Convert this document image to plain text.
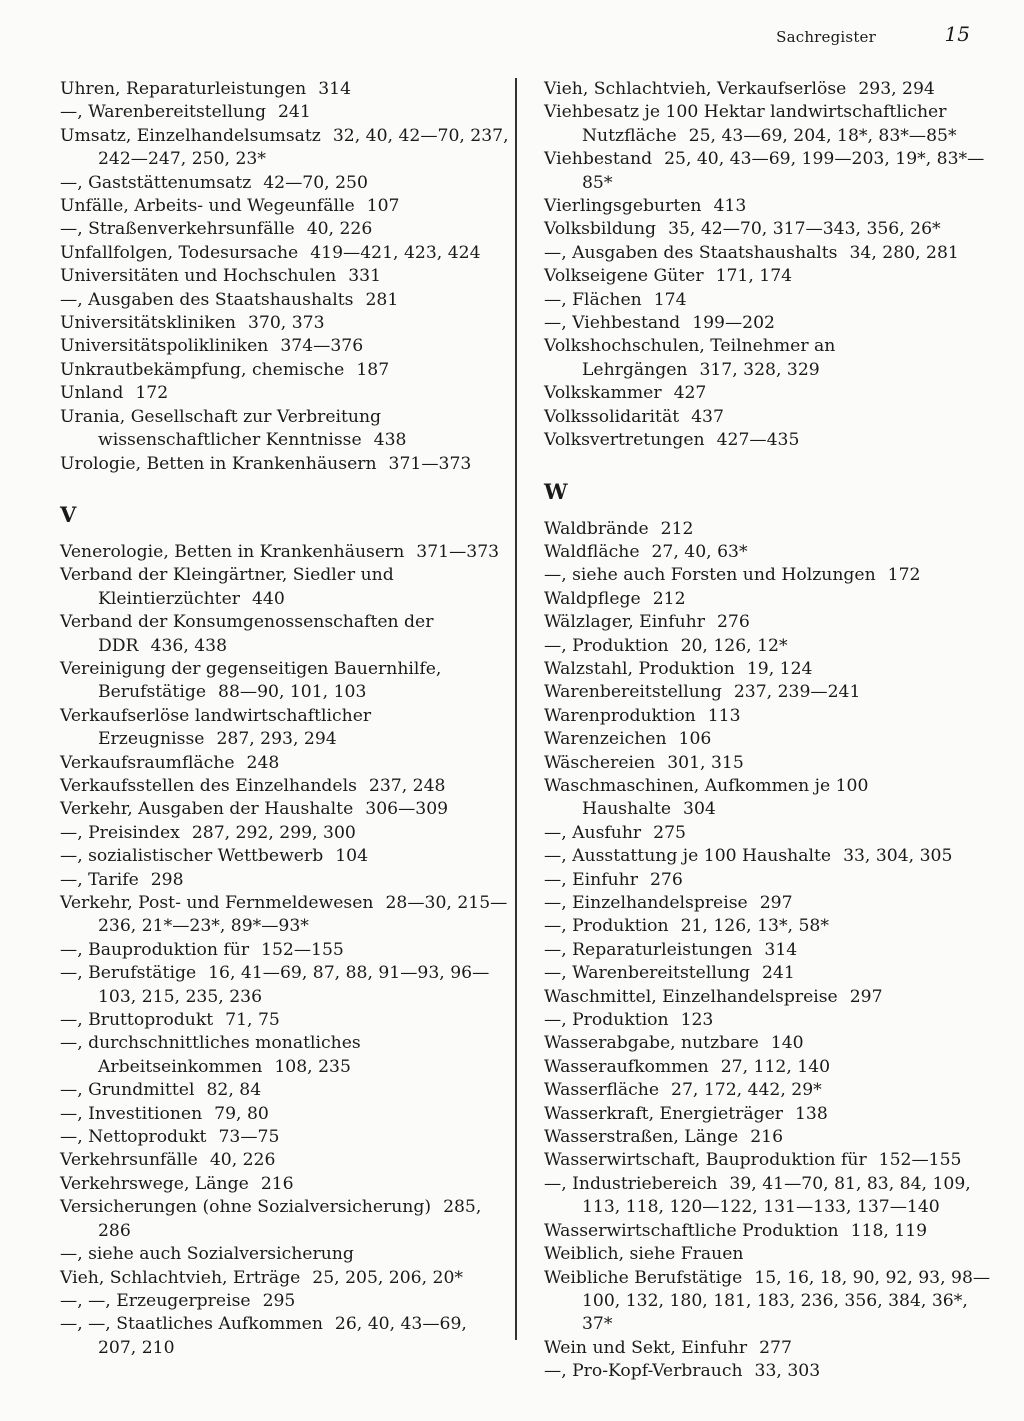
Sachregister	15
Uhren, Reparaturleistungen 314
—, Warenbereitstellung 241
Umsatz, Einzelhandelsumsatz 32, 40, 42—70, 237, 242—247, 250, 23*
—, Gaststättenumsatz 42—70, 250
Unfälle, Arbeits- und Wegeunfälle 107
—, Straßenverkehrsunfälle 40, 226
Unfallfolgen, Todesursache 419—421, 423, 424
Universitäten und Hochschulen 331
—, Ausgaben des Staatshaushalts 281
Universitätskliniken 370, 373
Universitätspolikliniken 374—376
Unkrautbekämpfung, chemische 187
Unland 172
Urania, Gesellschaft zur Verbreitung wissenschaftlicher Kenntnisse 438
Urologie, Betten in Krankenhäusern 371—373
V
Venerologie, Betten in Krankenhäusern 371—373
Verband der Kleingärtner, Siedler und Kleintierzüchter 440
Verband der Konsumgenossenschaften der DDR 436, 438
Vereinigung der gegenseitigen Bauernhilfe, Berufstätige 88—90, 101, 103
Verkaufserlöse landwirtschaftlicher Erzeugnisse 287, 293, 294
Verkaufsraumfläche 248
Verkaufsstellen des Einzelhandels 237, 248
Verkehr, Ausgaben der Haushalte 306—309
—, Preisindex 287, 292, 299, 300
—, sozialistischer Wettbewerb 104
—, Tarife 298
Verkehr, Post- und Fernmeldewesen 28—30, 215—236, 21*—23*, 89*—93*
—, Bauproduktion für 152—155
—, Berufstätige 16, 41—69, 87, 88, 91—93, 96—103, 215, 235, 236
—, Bruttoprodukt 71, 75
—, durchschnittliches monatliches Arbeitseinkommen 108, 235
—, Grundmittel 82, 84
—, Investitionen 79, 80
—, Nettoprodukt 73—75
Verkehrsunfälle 40, 226
Verkehrswege, Länge 216
Versicherungen (ohne Sozialversicherung) 285, 286
—, siehe auch Sozialversicherung
Vieh, Schlachtvieh, Erträge 25, 205, 206, 20*
—, —, Erzeugerpreise 295
—, —, Staatliches Aufkommen 26, 40, 43—69, 207, 210
Vieh, Schlachtvieh, Verkaufserlöse 293, 294
Viehbesatz je 100 Hektar landwirtschaftlicher Nutzfläche 25, 43—69, 204, 18*, 83*—85*
Viehbestand 25, 40, 43—69, 199—203, 19*, 83*—85*
Vierlingsgeburten 413
Volksbildung 35, 42—70, 317—343, 356, 26*
—, Ausgaben des Staatshaushalts 34, 280, 281
Volkseigene Güter 171, 174
—, Flächen 174
—, Viehbestand 199—202
Volkshochschulen, Teilnehmer an Lehrgängen 317, 328, 329
Volkskammer 427
Volkssolidarität 437
Volksvertretungen 427—435
W
Waldbrände 212
Waldfläche 27, 40, 63*
—, siehe auch Forsten und Holzungen 172
Waldpflege 212
Wälzlager, Einfuhr 276
—, Produktion 20, 126, 12*
Walzstahl, Produktion 19, 124
Warenbereitstellung 237, 239—241
Warenproduktion 113
Warenzeichen 106
Wäschereien 301, 315
Waschmaschinen, Aufkommen je 100 Haushalte 304
—, Ausfuhr 275
—, Ausstattung je 100 Haushalte 33, 304, 305
—, Einfuhr 276
—, Einzelhandelspreise 297
—, Produktion 21, 126, 13*, 58*
—, Reparaturleistungen 314
—, Warenbereitstellung 241
Waschmittel, Einzelhandelspreise 297
—, Produktion 123
Wasserabgabe, nutzbare 140
Wasseraufkommen 27, 112, 140
Wasserfläche 27, 172, 442, 29*
Wasserkraft, Energieträger 138
Wasserstraßen, Länge 216
Wasserwirtschaft, Bauproduktion für 152—155
—, Industriebereich 39, 41—70, 81, 83, 84, 109, 113, 118, 120—122, 131—133, 137—140
Wasserwirtschaftliche Produktion 118, 119
Weiblich, siehe Frauen
Weibliche Berufstätige 15, 16, 18, 90, 92, 93, 98—100, 132, 180, 181, 183, 236, 356, 384, 36*, 37*
Wein und Sekt, Einfuhr 277
—, Pro-Kopf-Verbrauch 33, 303
